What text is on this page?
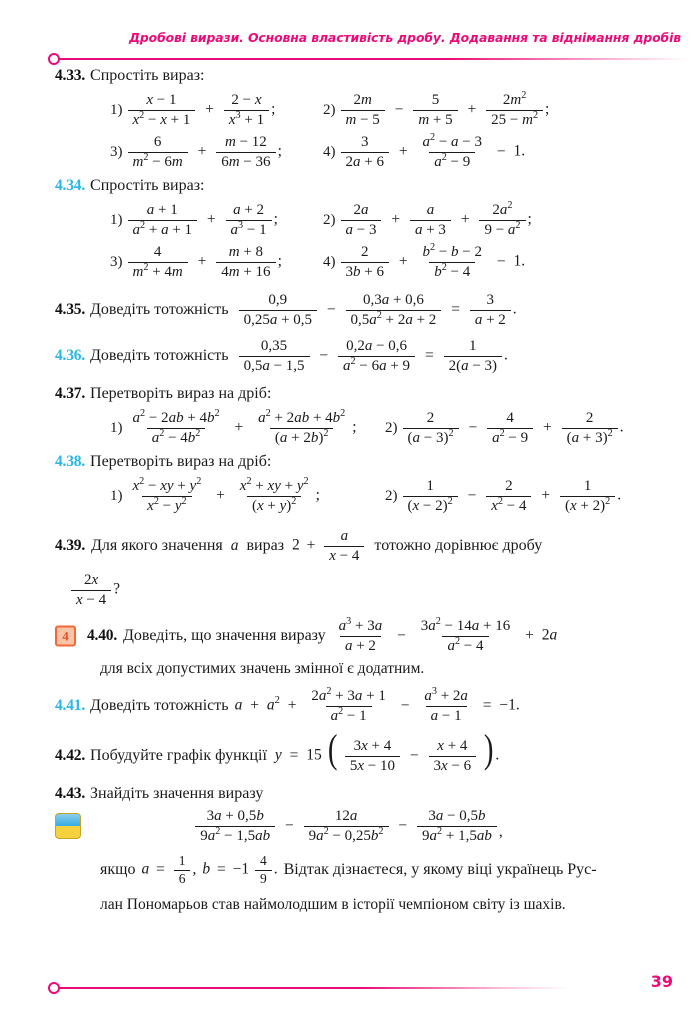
Дробові вирази. Основна властивість дробу. Додавання та віднімання дробів
4.33. Спростіть вираз:
$1) \frac{x - 1}{x^2 - x + 1} + \frac{2 - x}{x^3 + 1}$ ;	$2) \frac{2m}{m - 5} - \frac{5}{m + 5} + \frac{2m^2}{25 - m^2}$ ;
$3) \frac{6}{m^2 - 6m} + \frac{m - 12}{6m - 36}$ ;	$4) \frac{3}{2a + 6} + \frac{a^2 - a - 3}{a^2 - 9} - 1$.
4.34. Спростіть вираз:
$1) \frac{a + 1}{a^2 + a + 1} + \frac{a + 2}{a^3 - 1}$ ;	$2) \frac{2a}{a - 3} + \frac{a}{a + 3} + \frac{2a^2}{9 - a^2}$ ;
$3) \frac{4}{m^2 + 4m} + \frac{m + 8}{4m + 16}$ ;	$4) \frac{2}{3b + 6} + \frac{b^2 - b - 2}{b^2 - 4} - 1$.
4.35. Доведіть тотожність $\frac{0,9}{0,25a + 0,5} - \frac{0,3a + 0,6}{0,5a^2 + 2a + 2} = \frac{3}{a + 2}$ .
4.36. Доведіть тотожність $\frac{0,35}{0,5a - 1,5} - \frac{0,2a - 0,6}{a^2 - 6a + 9} = \frac{1}{2(a - 3)}$ .
4.37. Перетворіть вираз на дріб:
$1) \frac{a^2 - 2ab + 4b^2}{a^2 - 4b^2} + \frac{a^2 + 2ab + 4b^2}{(a + 2b)^2}$ ; $2) \frac{2}{(a - 3)^2} - \frac{4}{a^2 - 9} + \frac{2}{(a + 3)^2}$ .
4.38. Перетворіть вираз на дріб:
$1) \frac{x^2 - xy + y^2}{x^2 - y^2} + \frac{x^2 + xy + y^2}{(x + y)^2}$ ;	$2) \frac{1}{(x - 2)^2} - \frac{2}{x^2 - 4} + \frac{1}{(x + 2)^2}$ .
4.39. Для якого значення a вираз $2 + \frac{a}{x - 4}$ тотожно дорівнює дробу
$\frac{2x}{x - 4}$ ?
4	4.40. Доведіть, що значення виразу $\frac{a^3 + 3a}{a + 2} - \frac{3a^2 - 14a + 16}{a^2 - 4} + 2a$
для всіх допустимих значень змінної є додатним.
4.41. Доведіть тотожність $a + a^2 + \frac{2a^2 + 3a + 1}{a^2 - 1} - \frac{a^3 + 2a}{a - 1} = -1$.
4.42. Побудуйте графік функції y = 15 ( $\frac{3x + 4}{5x - 10} - \frac{x + 4}{3x - 6}$ ) .
4.43. Знайдіть значення виразу
$\frac{3a + 0,5b}{9a^2 - 1,5ab} - \frac{12a}{9a^2 - 0,25b^2} - \frac{3a - 0,5b}{9a^2 + 1,5ab}$ ,
якщо $a = \frac{1}{6}$ , $b = -1 \frac{4}{9}$ . Відтак дізнаєтеся, у якому віці українець Рус-
лан Пономарьов став наймолодшим в історії чемпіоном світу із шахів.
39
